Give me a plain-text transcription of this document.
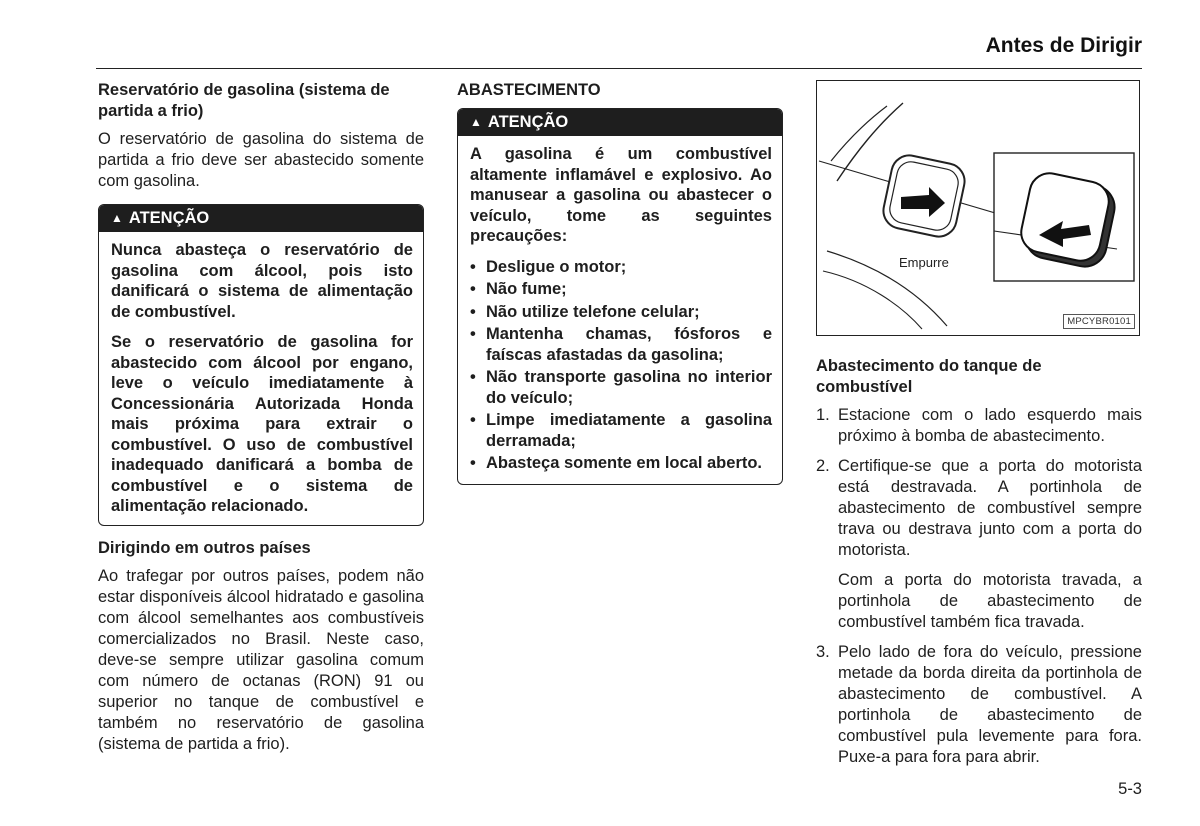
Antes de Dirigir
Reservatório de gasolina (sistema de partida a frio)

O reservatório de gasolina do sistema de partida a frio deve ser abastecido somente com gasolina.

▲ ATENÇÃO

Nunca abasteça o reservatório de gasolina com álcool, pois isto danificará o sistema de alimentação de combustível.

Se o reservatório de gasolina for abastecido com álcool por engano, leve o veículo imediatamente à Concessionária Autorizada Honda mais próxima para extrair o combustível. O uso de combustível inadequado danificará a bomba de combustível e o sistema de alimentação relacionado.

Dirigindo em outros países

Ao trafegar por outros países, podem não estar disponíveis álcool hidratado e gasolina com álcool semelhantes aos combustíveis comercializados no Brasil. Neste caso, deve-se sempre utilizar gasolina comum com número de octanas (RON) 91 ou superior no tanque de combustível e também no reservatório de gasolina (sistema de partida a frio).

ABASTECIMENTO
▲ ATENÇÃO

A gasolina é um combustível altamente inflamável e explosivo. Ao manusear a gasolina ou abastecer o veículo, tome as seguintes precauções:

• Desligue o motor;
• Não fume;
• Não utilize telefone celular;
• Mantenha chamas, fósforos e faíscas afastadas da gasolina;
• Não transporte gasolina no interior do veículo;
• Limpe imediatamente a gasolina derramada;
• Abasteça somente em local aberto.
Empurre
MPCYBR0101
Abastecimento do tanque de combustível
1. Estacione com o lado esquerdo mais próximo à bomba de abastecimento.
2. Certifique-se que a porta do motorista está destravada. A portinhola de abastecimento de combustível sempre trava ou destrava junto com a porta do motorista.
Com a porta do motorista travada, a portinhola de abastecimento de combustível também fica travada.
3. Pelo lado de fora do veículo, pressione metade da borda direita da portinhola de abastecimento de combustível. A portinhola de abastecimento de combustível pula levemente para fora. Puxe-a para fora para abrir.
5-3
